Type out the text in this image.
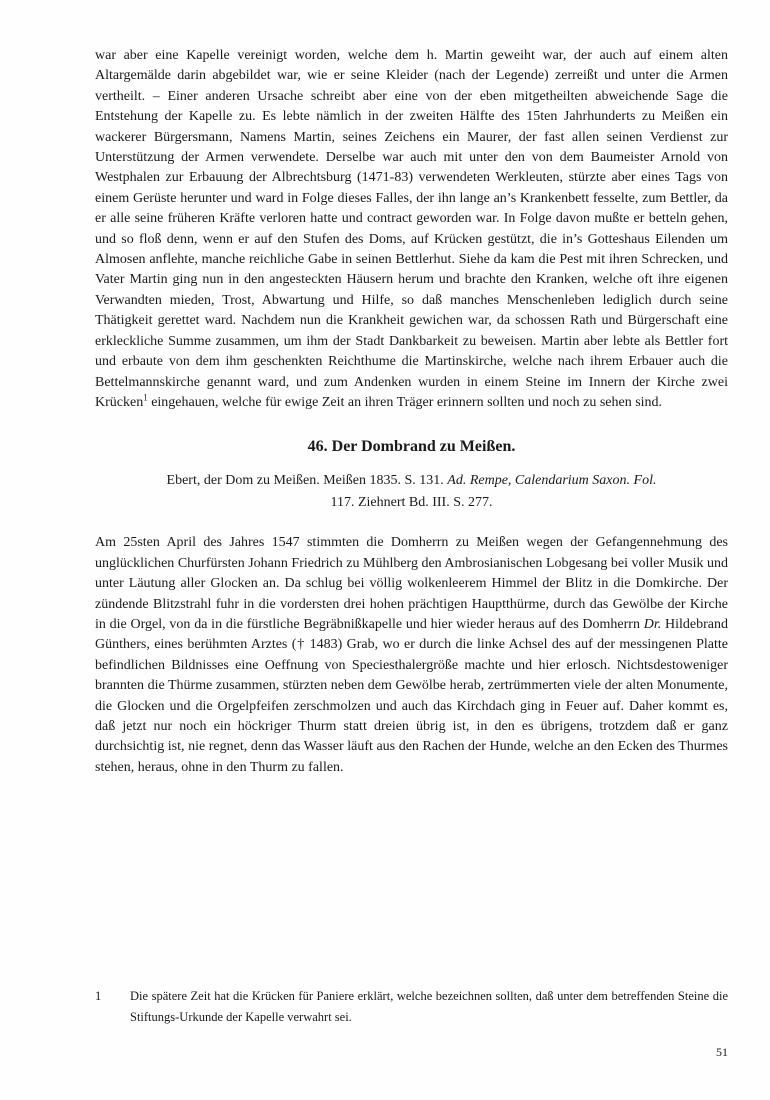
war aber eine Kapelle vereinigt worden, welche dem h. Martin geweiht war, der auch auf einem alten Altargemälde darin abgebildet war, wie er seine Kleider (nach der Legende) zerreißt und unter die Armen vertheilt. – Einer anderen Ursache schreibt aber eine von der eben mitgetheilten abweichende Sage die Entstehung der Kapelle zu. Es lebte nämlich in der zweiten Hälfte des 15ten Jahrhunderts zu Meißen ein wackerer Bürgersmann, Namens Martin, seines Zeichens ein Maurer, der fast allen seinen Verdienst zur Unterstützung der Armen verwendete. Derselbe war auch mit unter den von dem Baumeister Arnold von Westphalen zur Erbauung der Albrechtsburg (1471-83) verwendeten Werkleuten, stürzte aber eines Tags von einem Gerüste herunter und ward in Folge dieses Falles, der ihn lange an’s Krankenbett fesselte, zum Bettler, da er alle seine früheren Kräfte verloren hatte und contract geworden war. In Folge davon mußte er betteln gehen, und so floß denn, wenn er auf den Stufen des Doms, auf Krücken gestützt, die in’s Gotteshaus Eilenden um Almosen anflehte, manche reichliche Gabe in seinen Bettlerhut. Siehe da kam die Pest mit ihren Schrecken, und Vater Martin ging nun in den angesteckten Häusern herum und brachte den Kranken, welche oft ihre eigenen Verwandten mieden, Trost, Abwartung und Hilfe, so daß manches Menschenleben lediglich durch seine Thätigkeit gerettet ward. Nachdem nun die Krankheit gewichen war, da schossen Rath und Bürgerschaft eine erkleckliche Summe zusammen, um ihm der Stadt Dankbarkeit zu beweisen. Martin aber lebte als Bettler fort und erbaute von dem ihm geschenkten Reichthume die Martinskirche, welche nach ihrem Erbauer auch die Bettelmannskirche genannt ward, und zum Andenken wurden in einem Steine im Innern der Kirche zwei Krücken$^1$ eingehauen, welche für ewige Zeit an ihren Träger erinnern sollten und noch zu sehen sind.

46. Der Dombrand zu Meißen.

Ebert, der Dom zu Meißen. Meißen 1835. S. 131. Ad. Rempe, Calendarium Saxon. Fol.
117. Ziehnert Bd. III. S. 277.

Am 25sten April des Jahres 1547 stimmten die Domherrn zu Meißen wegen der Gefangennehmung des unglücklichen Churfürsten Johann Friedrich zu Mühlberg den Ambrosianischen Lobgesang bei voller Musik und unter Läutung aller Glocken an. Da schlug bei völlig wolkenleerem Himmel der Blitz in die Domkirche. Der zündende Blitzstrahl fuhr in die vordersten drei hohen prächtigen Hauptthürme, durch das Gewölbe der Kirche in die Orgel, von da in die fürstliche Begräbnißkapelle und hier wieder heraus auf des Domherrn Dr. Hildebrand Günthers, eines berühmten Arztes († 1483) Grab, wo er durch die linke Achsel des auf der messingenen Platte befindlichen Bildnisses eine Oeffnung von Speciesthalergröße machte und hier erlosch. Nichtsdestoweniger brannten die Thürme zusammen, stürzten neben dem Gewölbe herab, zertrümmerten viele der alten Monumente, die Glocken und die Orgelpfeifen zerschmolzen und auch das Kirchdach ging in Feuer auf. Daher kommt es, daß jetzt nur noch ein höckriger Thurm statt dreien übrig ist, in den es übrigens, trotzdem daß er ganz durchsichtig ist, nie regnet, denn das Wasser läuft aus den Rachen der Hunde, welche an den Ecken des Thurmes stehen, heraus, ohne in den Thurm zu fallen.

1	Die spätere Zeit hat die Krücken für Paniere erklärt, welche bezeichnen sollten, daß unter dem betreffenden Steine die Stiftungs-Urkunde der Kapelle verwahrt sei.
51
